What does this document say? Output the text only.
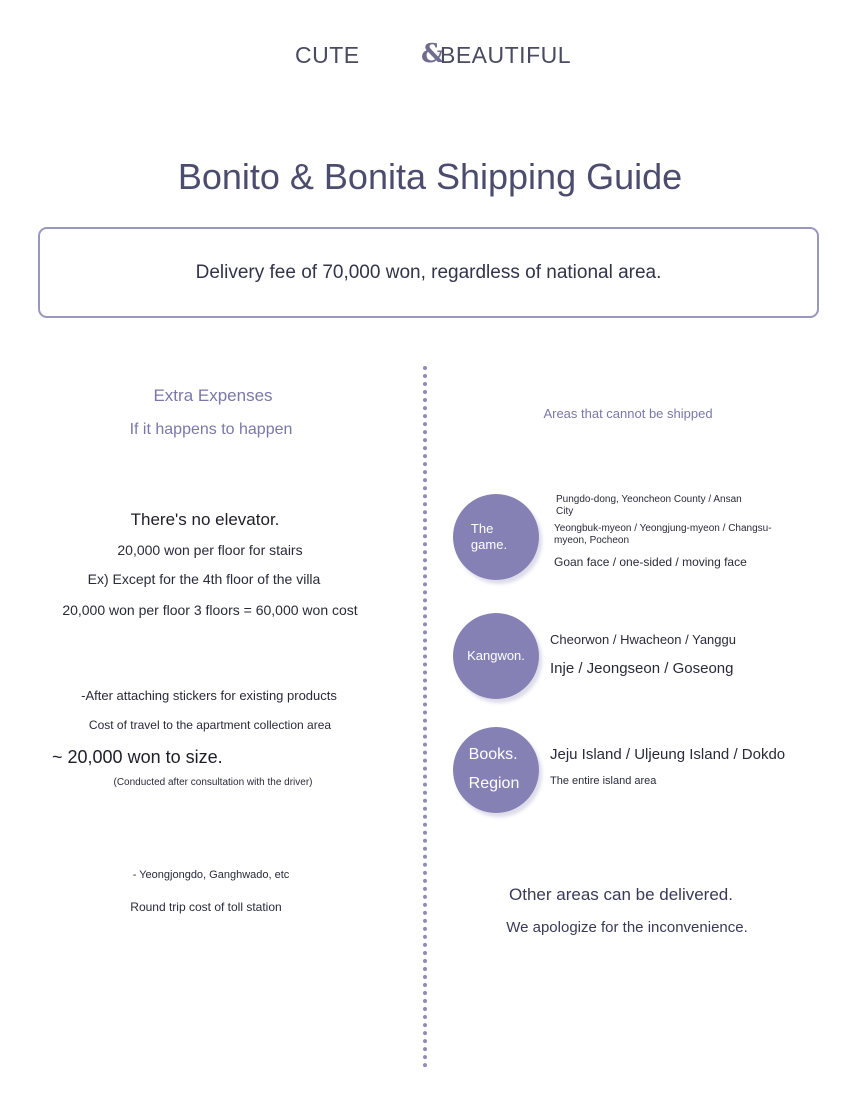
CUTE &
BEAUTIFUL
Bonito & Bonita Shipping Guide
Delivery fee of 70,000 won, regardless of national area.
Extra Expenses
If it happens to happen
There's no elevator.
20,000 won per floor for stairs
Ex) Except for the 4th floor of the villa
20,000 won per floor 3 floors = 60,000 won cost
-After attaching stickers for existing products
Cost of travel to the apartment collection area
~ 20,000 won to size.
(Conducted after consultation with the driver)
- Yeongjongdo, Ganghwado, etc
Round trip cost of toll station
Areas that cannot be shipped
The
game.
Pungdo-dong, Yeoncheon County / Ansan City
Yeongbuk-myeon / Yeongjung-myeon / Changsu-myeon, Pocheon
Goan face / one-sided / moving face
Kangwon.
Cheorwon / Hwacheon / Yanggu
Inje / Jeongseon / Goseong
Books.
Region
Jeju Island / Uljeung Island / Dokdo
The entire island area
Other areas can be delivered.
We apologize for the inconvenience.
